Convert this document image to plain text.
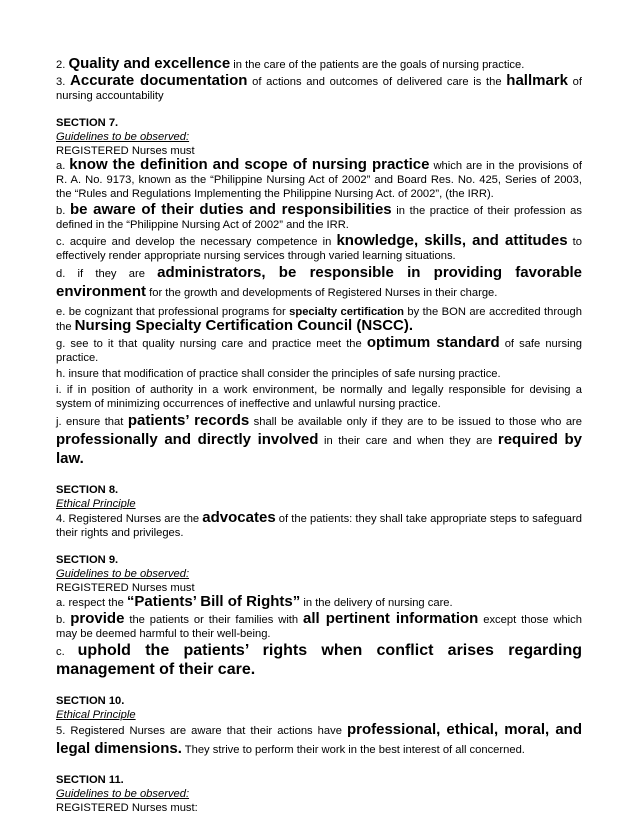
2. Quality and excellence in the care of the patients are the goals of nursing practice.

3. Accurate documentation of actions and outcomes of delivered care is the hallmark of nursing accountability

SECTION 7.

Guidelines to be observed:

REGISTERED Nurses must

a. know the definition and scope of nursing practice which are in the provisions of R. A. No. 9173, known as the “Philippine Nursing Act of 2002” and Board Res. No. 425, Series of 2003, the “Rules and Regulations Implementing the Philippine Nursing Act. of 2002”, (the IRR).

b. be aware of their duties and responsibilities in the practice of their profession as defined in the “Philippine Nursing Act of 2002” and the IRR.

c. acquire and develop the necessary competence in knowledge, skills, and attitudes to effectively render appropriate nursing services through varied learning situations.

d. if they are administrators, be responsible in providing favorable environment for the growth and developments of Registered Nurses in their charge.

e. be cognizant that professional programs for specialty certification by the BON are accredited through the Nursing Specialty Certification Council (NSCC).

g. see to it that quality nursing care and practice meet the optimum standard of safe nursing practice.

h. insure that modification of practice shall consider the principles of safe nursing practice.

i. if in position of authority in a work environment, be normally and legally responsible for devising a system of minimizing occurrences of ineffective and unlawful nursing practice.

j. ensure that patients’ records shall be available only if they are to be issued to those who are professionally and directly involved in their care and when they are required by law.

SECTION 8.

Ethical Principle

4. Registered Nurses are the advocates of the patients: they shall take appropriate steps to safeguard their rights and privileges.

SECTION 9.

Guidelines to be observed:

REGISTERED Nurses must

a. respect the “Patients’ Bill of Rights” in the delivery of nursing care.

b. provide the patients or their families with all pertinent information except those which may be deemed harmful to their well-being.

c. uphold the patients’ rights when conflict arises regarding management of their care.

SECTION 10.

Ethical Principle

5. Registered Nurses are aware that their actions have professional, ethical, moral, and legal dimensions. They strive to perform their work in the best interest of all concerned.

SECTION 11.

Guidelines to be observed:

REGISTERED Nurses must:
